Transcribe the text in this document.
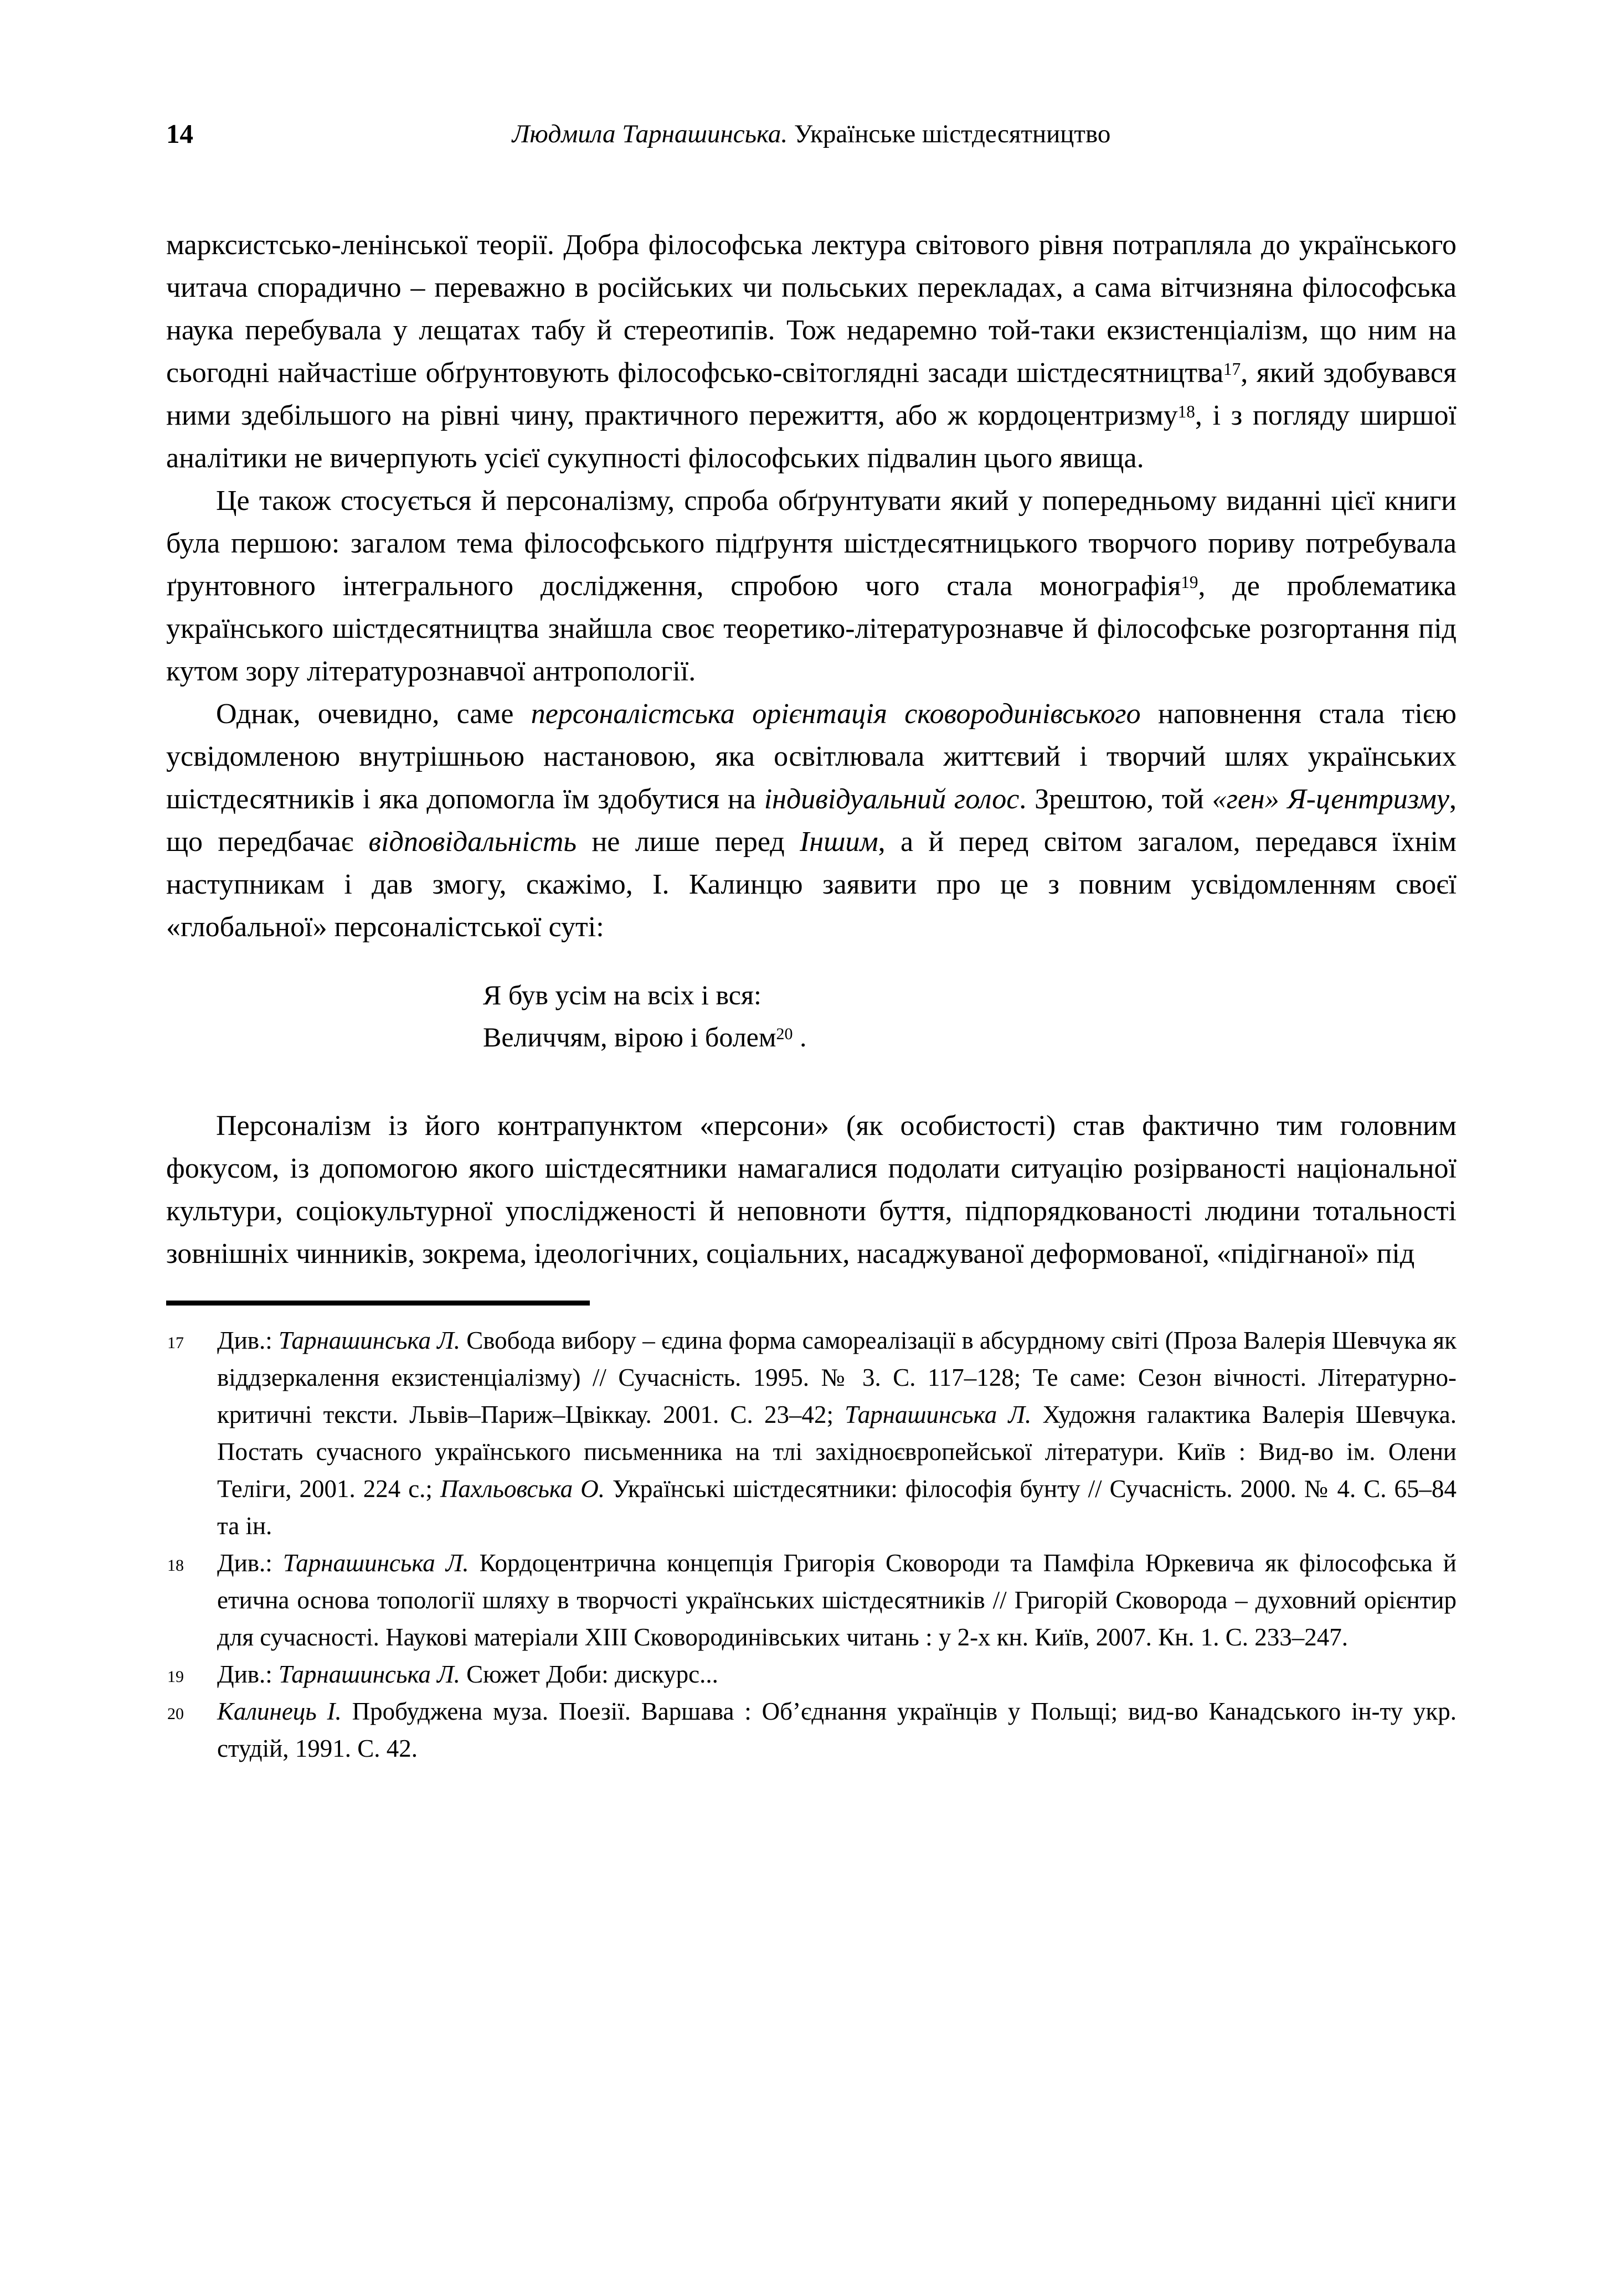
14	Людмила Тарнашинська. Українське шістдесятництво

марксистсько-ленінської теорії. Добра філософська лектура світового рівня потрапляла до українського читача спорадично – переважно в російських чи польських перекладах, а сама вітчизняна філософська наука перебувала у лещатах табу й стереотипів. Тож недаремно той-таки екзистенціалізм, що ним на сьогодні найчастіше обґрунтовують філософсько-світоглядні засади шістдесятництва$^{17}$, який здобувався ними здебільшого на рівні чину, практичного пережиття, або ж кордоцентризму$^{18}$, і з погляду ширшої аналітики не вичерпують усієї сукупності філософських підвалин цього явища.

Це також стосується й персоналізму, спроба обґрунтувати який у попередньому виданні цієї книги була першою: загалом тема філософського підґрунтя шістдесятницького творчого пориву потребувала ґрунтовного інтегрального дослідження, спробою чого стала монографія$^{19}$, де проблематика українського шістдесятництва знайшла своє теоретико-літературознавче й філософське розгортання під кутом зору літературознавчої антропології.

Однак, очевидно, саме персоналістська орієнтація сковородинівського наповнення стала тією усвідомленою внутрішньою настановою, яка освітлювала життєвий і творчий шлях українських шістдесятників і яка допомогла їм здобутися на індивідуальний голос. Зрештою, той «ген» Я-центризму, що передбачає відповідальність не лише перед Іншим, а й перед світом загалом, передався їхнім наступникам і дав змогу, скажімо, І. Калинцю заявити про це з повним усвідомленням своєї «глобальної» персоналістської суті:

Я був усім на всіх і вся:
Величчям, вірою і болем$^{20}$ .

Персоналізм із його контрапунктом «персони» (як особистості) став фактично тим головним фокусом, із допомогою якого шістдесятники намагалися подолати ситуацію розірваності національної культури, соціокультурної упослідженості й неповноти буття, підпорядкованості людини тотальності зовнішніх чинників, зокрема, ідеологічних, соціальних, насаджуваної деформованої, «підігнаної» під

17 Див.: Тарнашинська Л. Свобода вибору – єдина форма самореалізації в абсурдному світі (Проза Валерія Шевчука як віддзеркалення екзистенціалізму) // Сучасність. 1995. № 3. С. 117–128; Те саме: Сезон вічності. Літературно-критичні тексти. Львів–Париж–Цвіккау. 2001. С. 23–42; Тарнашинська Л. Художня галактика Валерія Шевчука. Постать сучасного українського письменника на тлі західноєвропейської літератури. Київ : Вид-во ім. Олени Теліги, 2001. 224 с.; Пахльовська О. Українські шістдесятники: філософія бунту // Сучасність. 2000. № 4. С. 65–84 та ін.
18 Див.: Тарнашинська Л. Кордоцентрична концепція Григорія Сковороди та Памфіла Юркевича як філософська й етична основа топології шляху в творчості українських шістдесятників // Григорій Сковорода – духовний орієнтир для сучасності. Наукові матеріали XIII Сковородинівських читань : у 2-х кн. Київ, 2007. Кн. 1. С. 233–247.
19 Див.: Тарнашинська Л. Сюжет Доби: дискурс...
20 Калинець І. Пробуджена муза. Поезії. Варшава : Об’єднання українців у Польщі; вид-во Канадського ін-ту укр. студій, 1991. С. 42.
